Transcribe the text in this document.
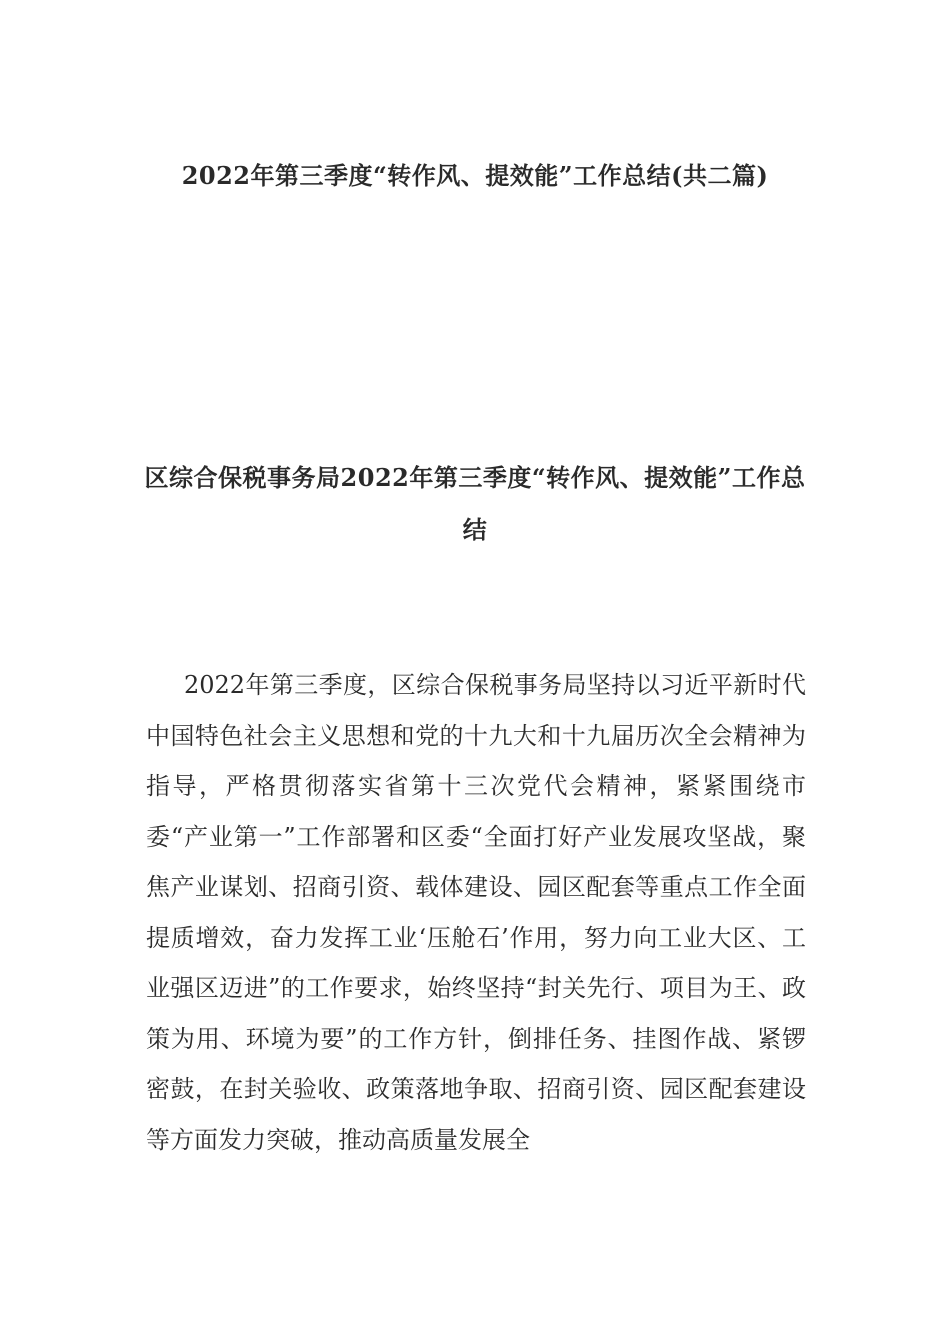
2022年第三季度“转作风、提效能”工作总结(共二篇)
区综合保税事务局2022年第三季度“转作风、提效能”工作总结

2022年第三季度，区综合保税事务局坚持以习近平新时代中国特色社会主义思想和党的十九大和十九届历次全会精神为指导，严格贯彻落实省第十三次党代会精神，紧紧围绕市委“产业第一”工作部署和区委“全面打好产业发展攻坚战，聚焦产业谋划、招商引资、载体建设、园区配套等重点工作全面提质增效，奋力发挥工业‘压舱石’作用，努力向工业大区、工业强区迈进”的工作要求，始终坚持“封关先行、项目为王、政策为用、环境为要”的工作方针，倒排任务、挂图作战、紧锣密鼓，在封关验收、政策落地争取、招商引资、园区配套建设等方面发力突破，推动高质量发展全
